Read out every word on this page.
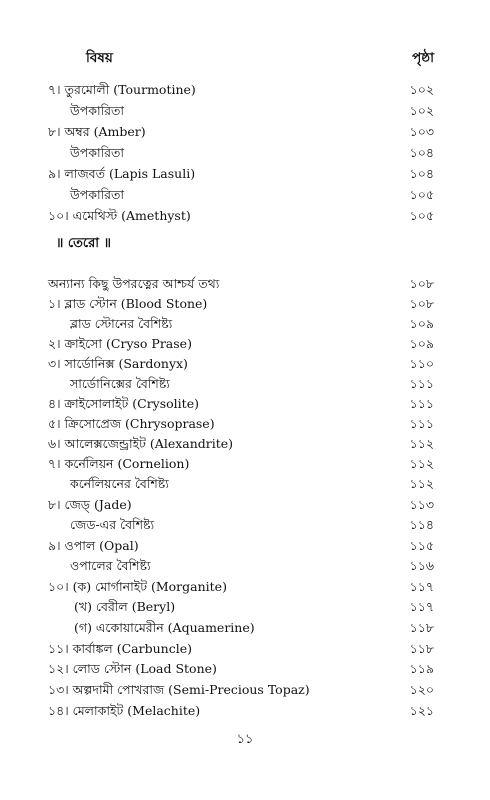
বিষয়	পৃষ্ঠা
৭। তুরমোলী (Tourmotine)	১০২
উপকারিতা	১০২
৮। অম্বর (Amber)	১০৩
উপকারিতা	১০৪
৯। লাজবর্ত (Lapis Lasuli)	১০৪
উপকারিতা	১০৫
১০। এমেথিস্ট (Amethyst)	১০৫
॥ তেরো ॥
অন্যান্য কিছু উপরত্নের আশ্চর্য তথ্য	১০৮
১। ব্লাড স্টোন (Blood Stone)	১০৮
ব্লাড স্টোনের বৈশিষ্ট্য	১০৯
২। ক্রাইসো (Cryso Prase)	১০৯
৩। সার্ডোনিক্স (Sardonyx)	১১০
সার্ডোনিক্সের বৈশিষ্ট্য	১১১
৪। ক্রাইসোলাইট (Crysolite)	১১১
৫। ক্রিসোপ্রেজ (Chrysoprase)	১১১
৬। আলেক্সজেন্ড্রাইট (Alexandrite)	১১২
৭। কর্নেলিয়ন (Cornelion)	১১২
কর্নেলিয়নের বৈশিষ্ট্য	১১২
৮। জেড্ (Jade)	১১৩
জেড-এর বৈশিষ্ট্য	১১৪
৯। ওপাল (Opal)	১১৫
ওপালের বৈশিষ্ট্য	১১৬
১০। (ক) মোর্গানাইট (Morganite)	১১৭
(খ) বেরীল (Beryl)	১১৭
(গ) একোয়ামেরীন (Aquamerine)	১১৮
১১। কার্বাঙ্কল (Carbuncle)	১১৮
১২। লোড স্টোন (Load Stone)	১১৯
১৩। অল্পদামী পোখরাজ (Semi-Precious Topaz)	১২০
১৪। মেলাকাইট (Melachite)	১২১
১১
